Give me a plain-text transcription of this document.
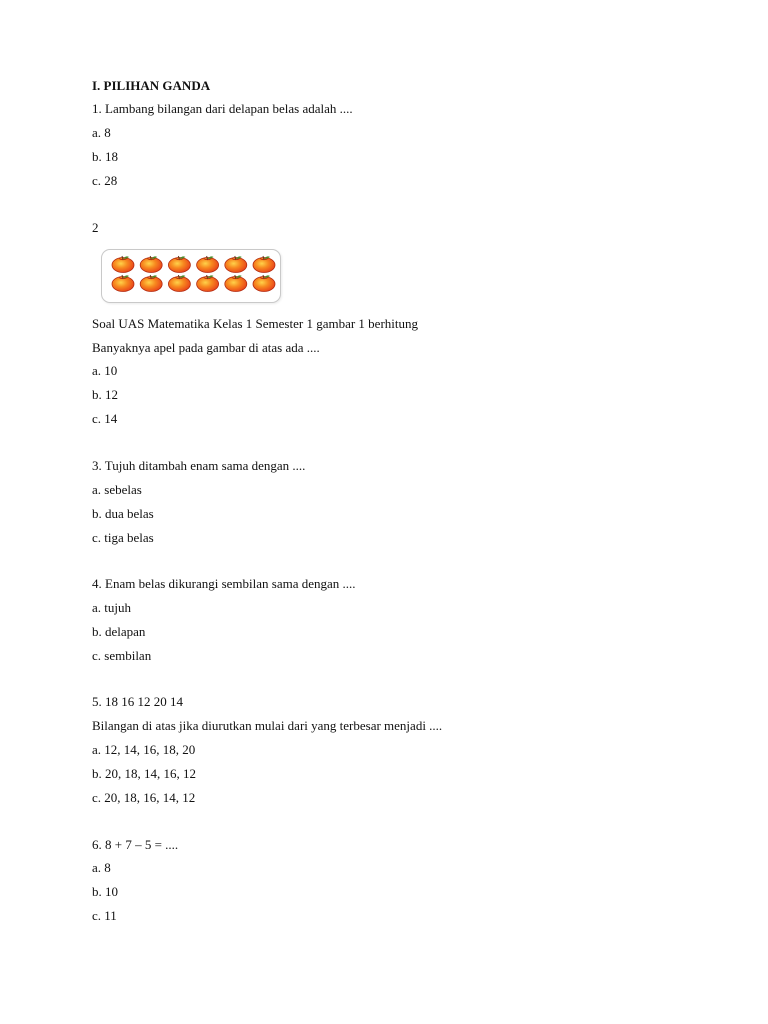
I. PILIHAN GANDA
1. Lambang bilangan dari delapan belas adalah ....
a. 8
b. 18
c. 28
2
Soal UAS Matematika Kelas 1 Semester 1 gambar 1 berhitung
Banyaknya apel pada gambar di atas ada ....
a. 10
b. 12
c. 14
3. Tujuh ditambah enam sama dengan ....
a. sebelas
b. dua belas
c. tiga belas
4. Enam belas dikurangi sembilan sama dengan ....
a. tujuh
b. delapan
c. sembilan
5. 18 16 12 20 14
Bilangan di atas jika diurutkan mulai dari yang terbesar menjadi ....
a. 12, 14, 16, 18, 20
b. 20, 18, 14, 16, 12
c. 20, 18, 16, 14, 12
6. 8 + 7 – 5 = ....
a. 8
b. 10
c. 11
